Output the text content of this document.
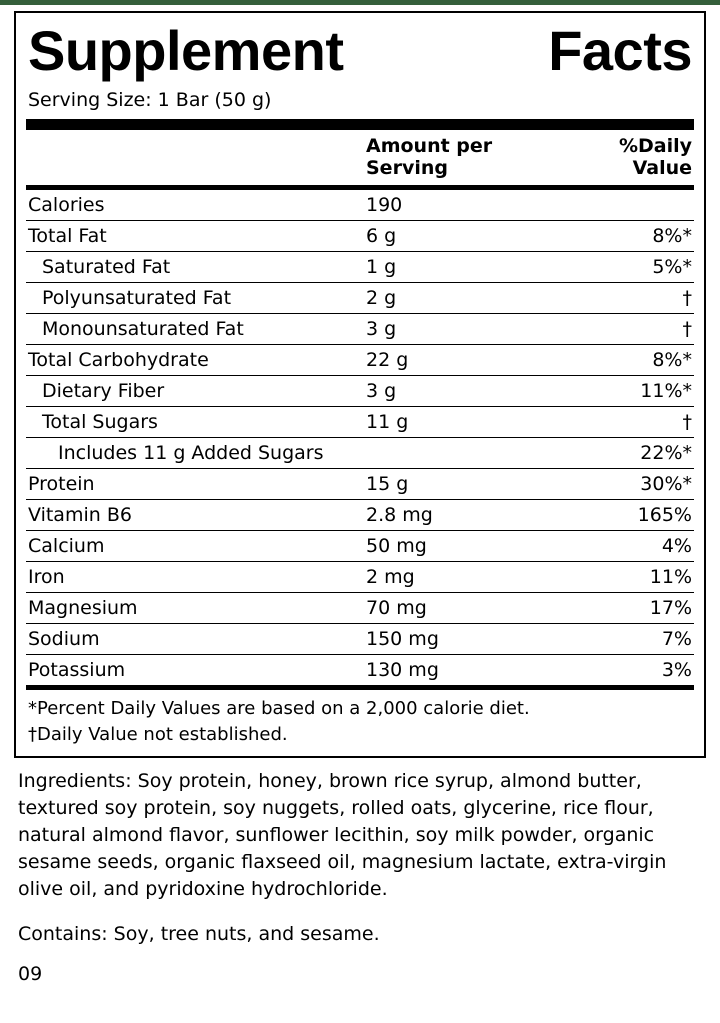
Supplement	Facts
Serving Size: 1 Bar (50 g)
	Amount per Serving	%Daily Value
Calories	190	
Total Fat	6 g	8%*
Saturated Fat	1 g	5%*
Polyunsaturated Fat	2 g	†
Monounsaturated Fat	3 g	†
Total Carbohydrate	22 g	8%*
Dietary Fiber	3 g	11%*
Total Sugars	11 g	†
Includes 11 g Added Sugars		22%*
Protein	15 g	30%*
Vitamin B6	2.8 mg	165%
Calcium	50 mg	4%
Iron	2 mg	11%
Magnesium	70 mg	17%
Sodium	150 mg	7%
Potassium	130 mg	3%
*Percent Daily Values are based on a 2,000 calorie diet.
†Daily Value not established.
Ingredients: Soy protein, honey, brown rice syrup, almond butter, textured soy protein, soy nuggets, rolled oats, glycerine, rice flour, natural almond flavor, sunflower lecithin, soy milk powder, organic sesame seeds, organic flaxseed oil, magnesium lactate, extra-virgin olive oil, and pyridoxine hydrochloride.
Contains: Soy, tree nuts, and sesame.
09
